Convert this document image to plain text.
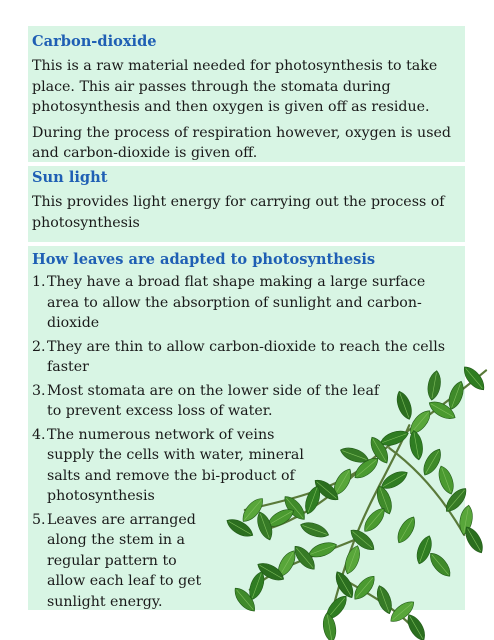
Carbon-dioxide

This is a raw material needed for photosynthesis to take place. This air passes through the stomata during photosynthesis and then oxygen is given off as residue.

During the process of respiration however, oxygen is used and carbon-dioxide is given off.

Sun light

This provides light energy for carrying out the process of photosynthesis

How leaves are adapted to photosynthesis
1. They have a broad flat shape making a large surface area to allow the absorption of sunlight and carbon-dioxide
2. They are thin to allow carbon-dioxide to reach the cells faster
3. Most stomata are on the lower side of the leaf to prevent excess loss of water.
4. The numerous network of veins supply the cells with water, mineral salts and remove the bi-product of photosynthesis
5. Leaves are arranged along the stem in a regular pattern to allow each leaf to get sunlight energy.
